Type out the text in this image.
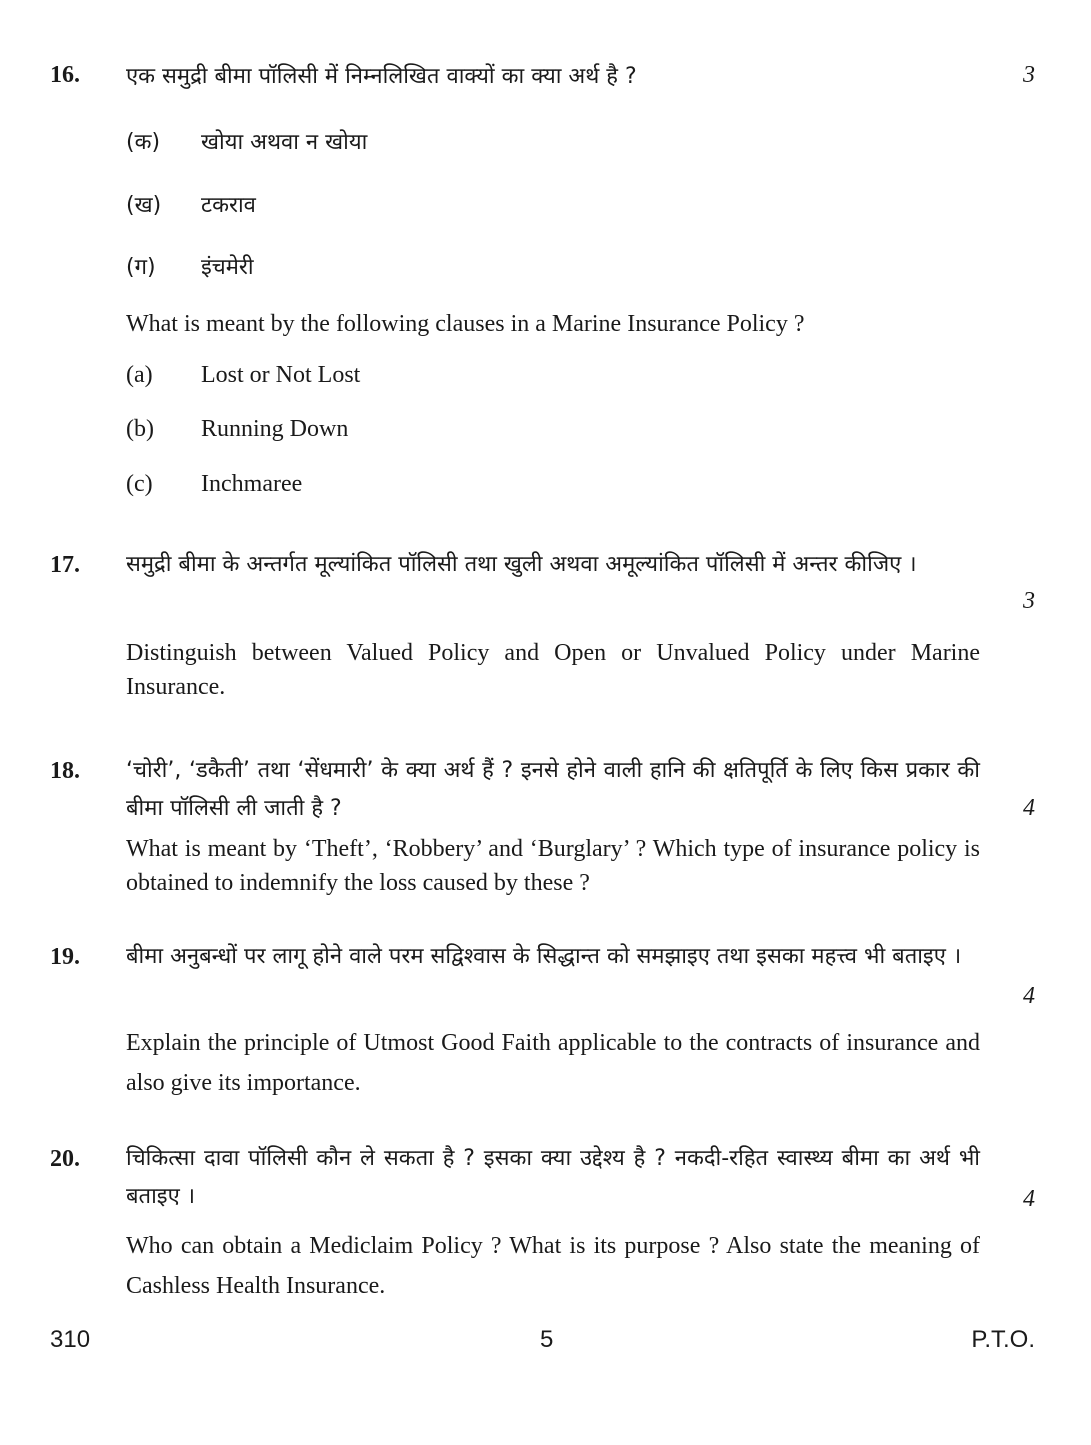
16.	3
एक समुद्री बीमा पॉलिसी में निम्नलिखित वाक्यों का क्या अर्थ है ?
(क) खोया अथवा न खोया
(ख) टकराव
(ग) इंचमेरी
What is meant by the following clauses in a Marine Insurance Policy ?
(a) Lost or Not Lost
(b) Running Down
(c) Inchmaree
17.
3
समुद्री बीमा के अन्तर्गत मूल्यांकित पॉलिसी तथा खुली अथवा अमूल्यांकित पॉलिसी में अन्तर कीजिए ।
Distinguish between Valued Policy and Open or Unvalued Policy under Marine Insurance.
18.
4
‘चोरी’, ‘डकैती’ तथा ‘सेंधमारी’ के क्या अर्थ हैं ? इनसे होने वाली हानि की क्षतिपूर्ति के लिए किस प्रकार की बीमा पॉलिसी ली जाती है ?
What is meant by ‘Theft’, ‘Robbery’ and ‘Burglary’ ? Which type of insurance policy is obtained to indemnify the loss caused by these ?
19.
4
बीमा अनुबन्धों पर लागू होने वाले परम सद्विश्वास के सिद्धान्त को समझाइए तथा इसका महत्त्व भी बताइए ।
Explain the principle of Utmost Good Faith applicable to the contracts of insurance and also give its importance.
20.
4
चिकित्सा दावा पॉलिसी कौन ले सकता है ? इसका क्या उद्देश्य है ? नकदी-रहित स्वास्थ्य बीमा का अर्थ भी बताइए ।
Who can obtain a Mediclaim Policy ? What is its purpose ? Also state the meaning of Cashless Health Insurance.
310	5	P.T.O.
